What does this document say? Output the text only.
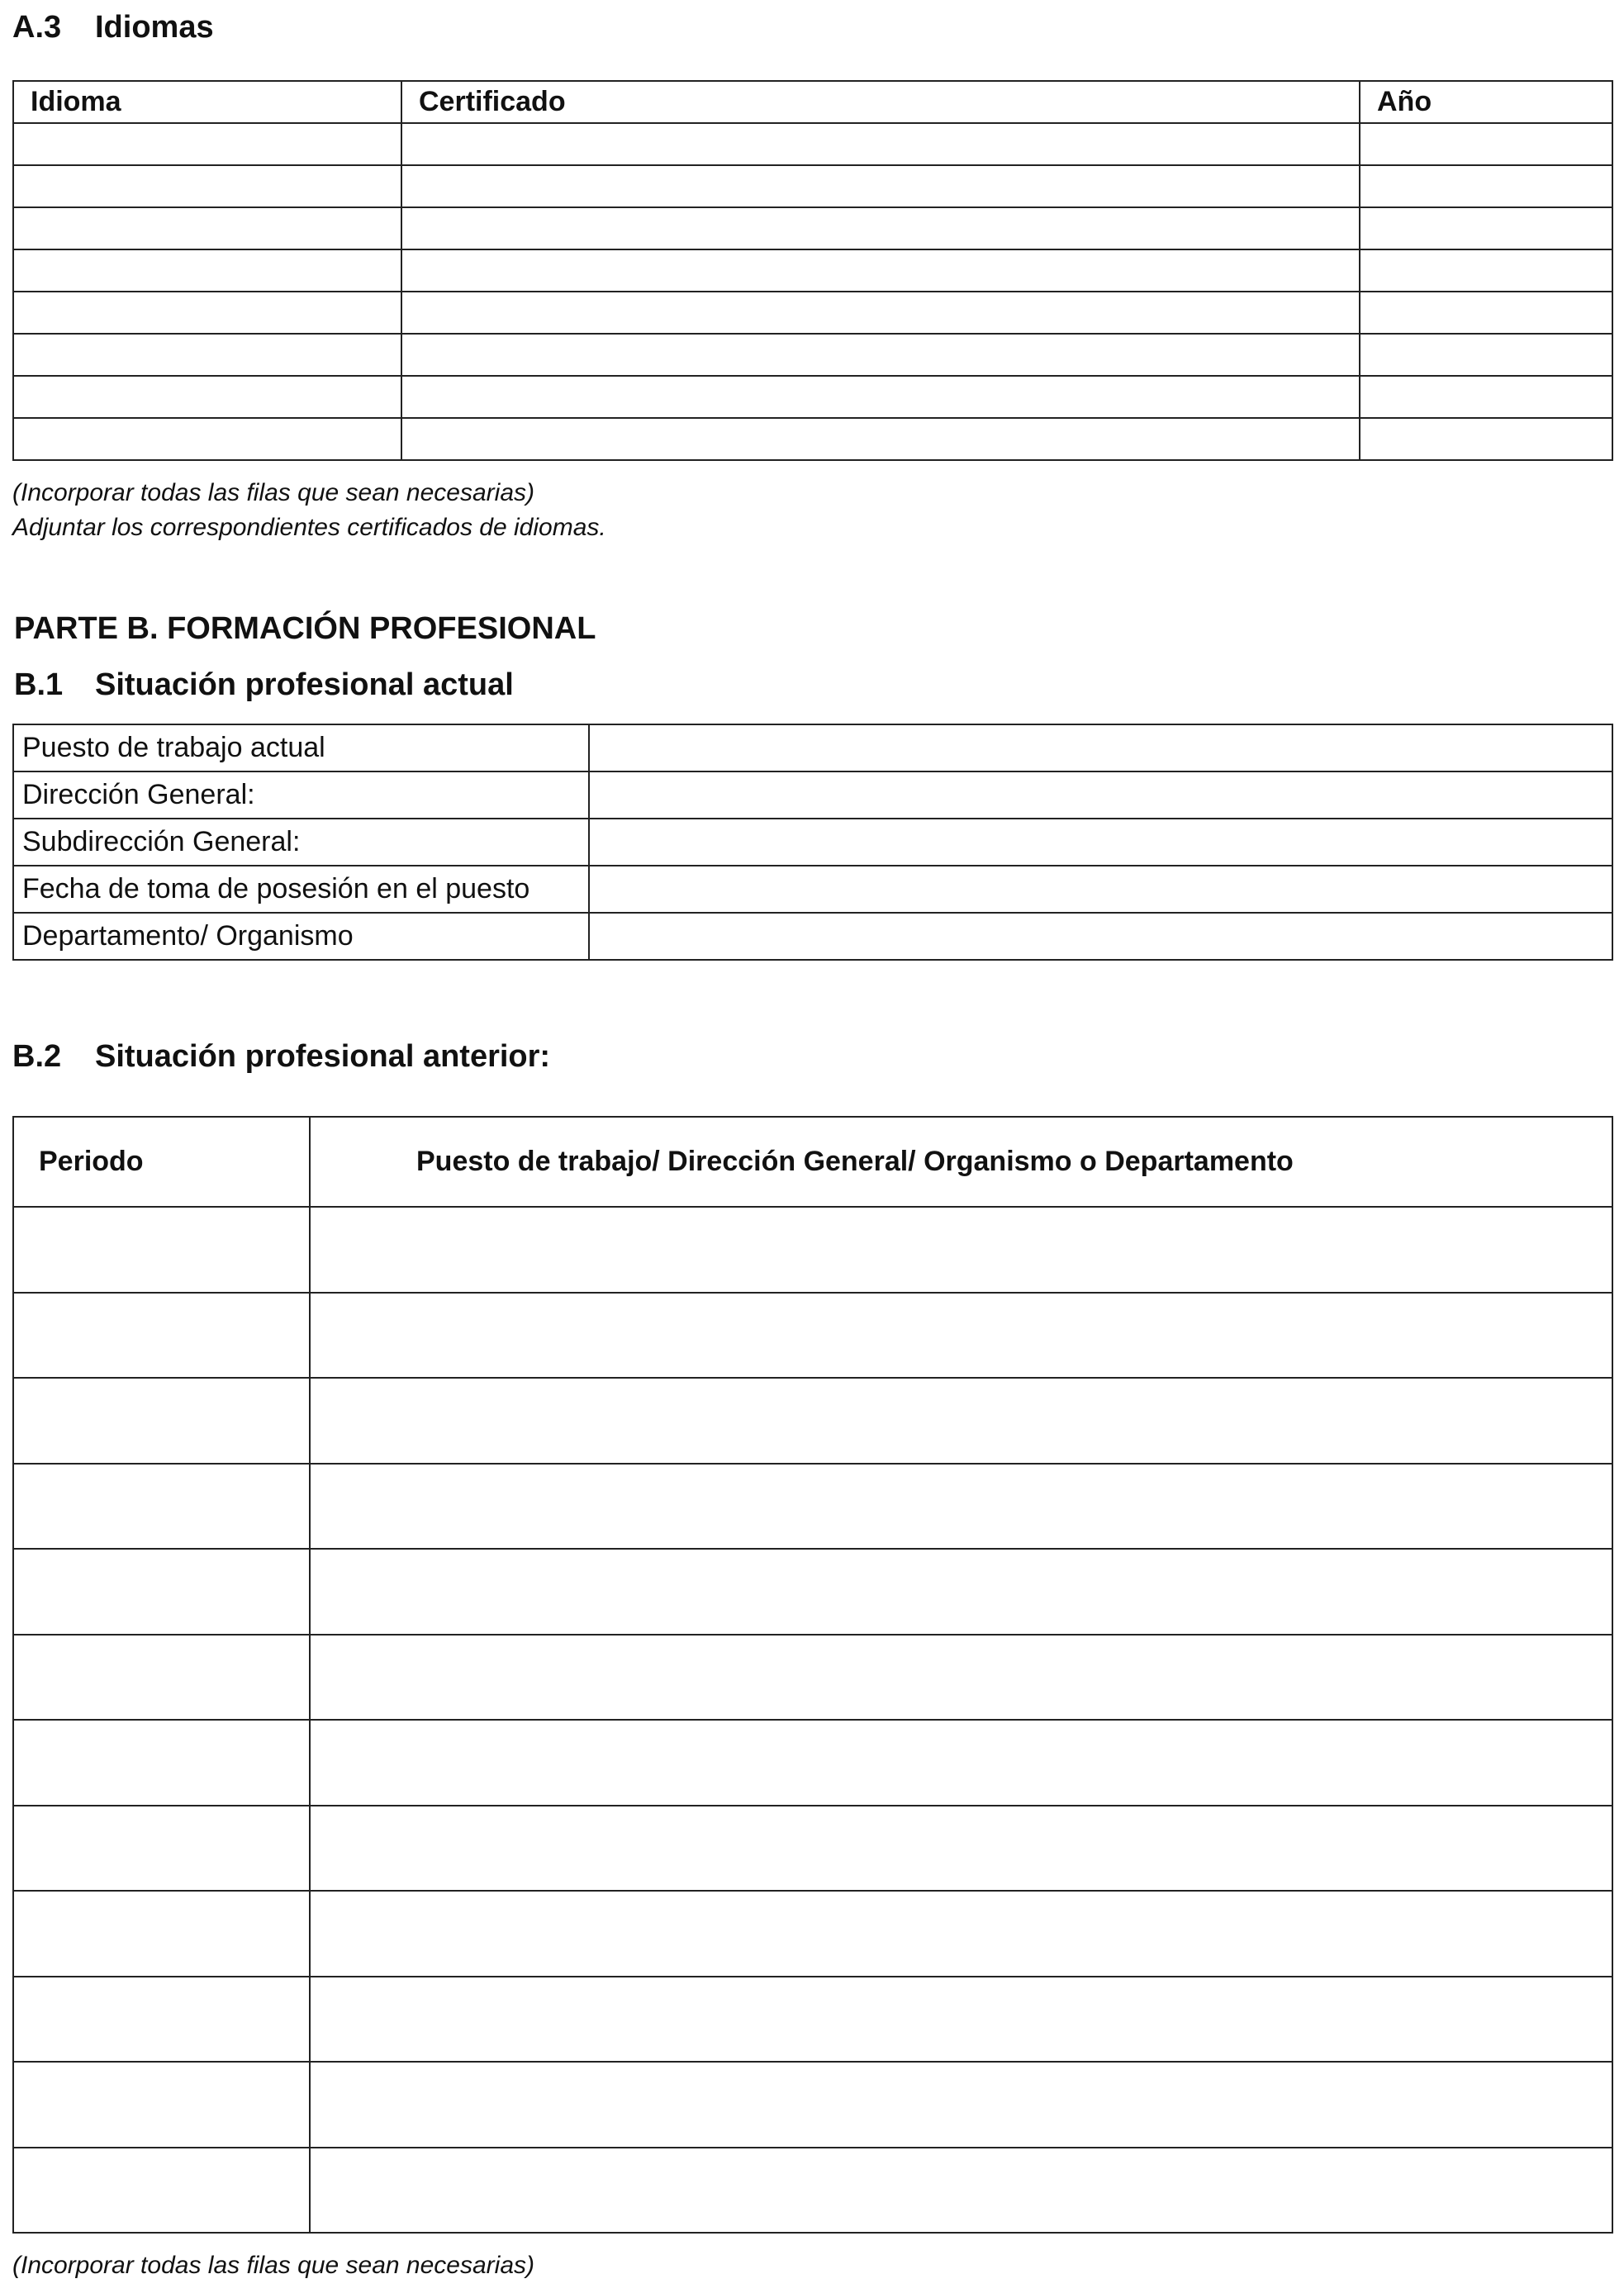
A.3 Idiomas
Idioma	Certificado	Año

(Incorporar todas las filas que sean necesarias)
Adjuntar los correspondientes certificados de idiomas.
PARTE B. FORMACIÓN PROFESIONAL
B.1 Situación profesional actual
Puesto de trabajo actual	
Dirección General:	
Subdirección General:	
Fecha de toma de posesión en el puesto	
Departamento/ Organismo	
B.2 Situación profesional anterior:
Periodo	Puesto de trabajo/ Dirección General/ Organismo o Departamento

(Incorporar todas las filas que sean necesarias)
